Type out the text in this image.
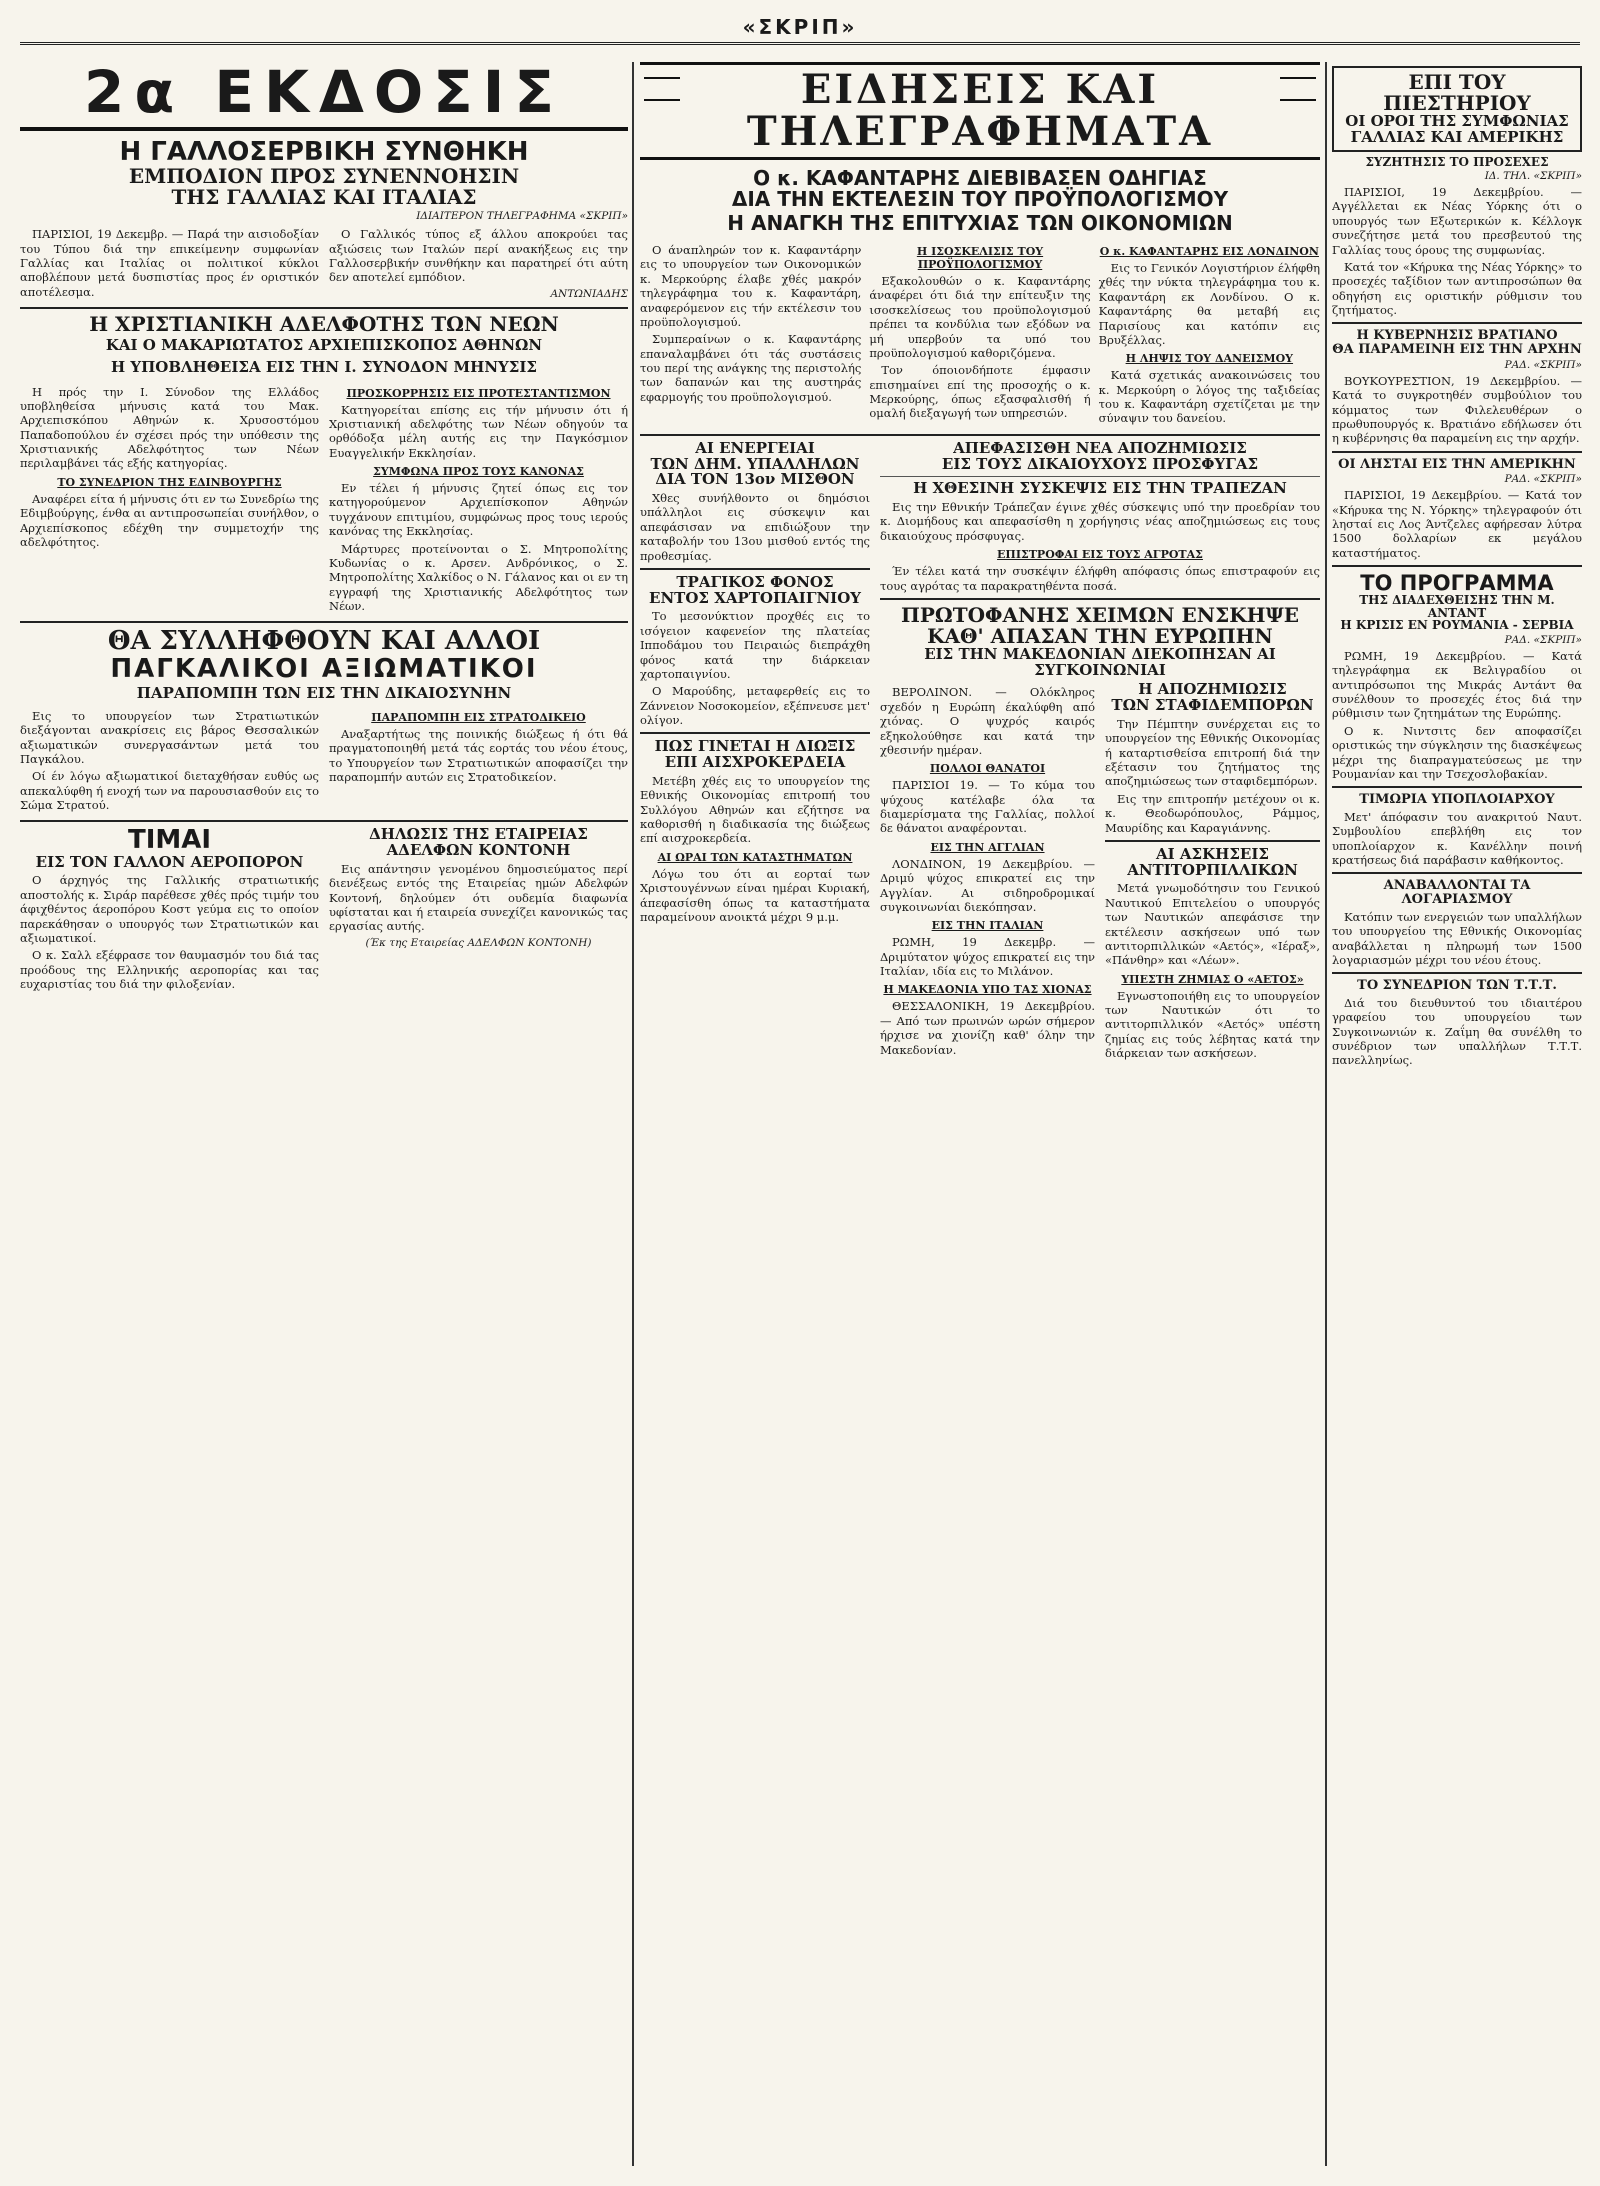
«ΣΚΡΙΠ»
2α ΕΚΔΟΣΙΣ
Η ΓΑΛΛΟΣΕΡΒΙΚΗ ΣΥΝΘΗΚΗ
ΕΜΠΟΔΙΟΝ ΠΡΟΣ ΣΥΝΕΝΝΟΗΣΙΝ
ΤΗΣ ΓΑΛΛΙΑΣ ΚΑΙ ΙΤΑΛΙΑΣ
ΙΔΙΑΙΤΕΡΟΝ ΤΗΛΕΓΡΑΦΗΜΑ «ΣΚΡΙΠ»

ΠΑΡΙΣΙΟΙ, 19 Δεκεμβρ. — Παρά την αισιοδοξίαν του Τύπου διά την επικείμενην συμφωνίαν Γαλλίας και Ιταλίας οι πολιτικοί κύκλοι αποβλέπουν μετά δυσπιστίας προς έν οριστικόν αποτέλεσμα.

Ο Γαλλικός τύπος εξ άλλου αποκρούει τας αξιώσεις των Ιταλών περί ανακήξεως εις την Γαλλοσερβικήν συνθήκην και παρατηρεί ότι αύτη δεν αποτελεί εμπόδιον.

ΑΝΤΩΝΙΑΔΗΣ
Η ΧΡΙΣΤΙΑΝΙΚΗ ΑΔΕΛΦΟΤΗΣ ΤΩΝ ΝΕΩΝ
ΚΑΙ Ο ΜΑΚΑΡΙΩΤΑΤΟΣ ΑΡΧΙΕΠΙΣΚΟΠΟΣ ΑΘΗΝΩΝ
Η ΥΠΟΒΛΗΘΕΙΣΑ ΕΙΣ ΤΗΝ Ι. ΣΥΝΟΔΟΝ ΜΗΝΥΣΙΣ

Η πρός την Ι. Σύνοδον της Ελλάδος υποβληθείσα μήνυσις κατά του Μακ. Αρχιεπισκόπου Αθηνών κ. Χρυσοστόμου Παπαδοπούλου έν σχέσει πρός την υπόθεσιν της Χριστιανικής Αδελφότητος των Νέων περιλαμβάνει τάς εξής κατηγορίας.

ΤΟ ΣΥΝΕΔΡΙΟΝ ΤΗΣ ΕΔΙΝΒΟΥΡΓΗΣ

Αναφέρει είτα ή μήνυσις ότι εν τω Συνεδρίω της Εδιμβούργης, ένθα αι αντιπροσωπείαι συνήλθον, ο Αρχιεπίσκοπος εδέχθη την συμμετοχήν της αδελφότητος.

ΠΡΟΣΚΟΡΡΗΣΙΣ ΕΙΣ ΠΡΟΤΕΣΤΑΝΤΙΣΜΟΝ

Κατηγορείται επίσης εις τήν μήνυσιν ότι ή Χριστιανική αδελφότης των Νέων οδηγούν τα ορθόδοξα μέλη αυτής εις την Παγκόσμιον Ευαγγελικήν Εκκλησίαν.

ΣΥΜΦΩΝΑ ΠΡΟΣ ΤΟΥΣ ΚΑΝΟΝΑΣ

Εν τέλει ή μήνυσις ζητεί όπως εις τον κατηγορούμενον Αρχιεπίσκοπον Αθηνών τυγχάνουν επιτιμίου, συμφώνως προς τους ιερούς κανόνας της Εκκλησίας.

Μάρτυρες προτείνονται ο Σ. Μητροπολίτης Κυδωνίας ο κ. Αρσεν. Ανδρόνικος, ο Σ. Μητροπολίτης Χαλκίδος ο Ν. Γάλανος και οι εν τη εγγραφή της Χριστιανικής Αδελφότητος των Νέων.

ΘΑ ΣΥΛΛΗΦΘΟΥΝ ΚΑΙ ΑΛΛΟΙ
ΠΑΓΚΑΛΙΚΟΙ ΑΞΙΩΜΑΤΙΚΟΙ
ΠΑΡΑΠΟΜΠΗ ΤΩΝ ΕΙΣ ΤΗΝ ΔΙΚΑΙΟΣΥΝΗΝ

Εις το υπουργείον των Στρατιωτικών διεξάγονται ανακρίσεις εις βάρος Θεσσαλικών αξιωματικών συνεργασάντων μετά του Παγκάλου.

Οί έν λόγω αξιωματικοί διεταχθήσαν ευθύς ως απεκαλύφθη ή ενοχή των να παρουσιασθούν εις το Σώμα Στρατού.

ΠΑΡΑΠΟΜΠΗ ΕΙΣ ΣΤΡΑΤΟΔΙΚΕΙΟ

Αναξαρτήτως της ποινικής διώξεως ή ότι θά πραγματοποιηθή μετά τάς εορτάς του νέου έτους, το Υπουργείον των Στρατιωτικών αποφασίζει την παραπομπήν αυτών εις Στρατοδικείον.

ΤΙΜΑΙ
ΕΙΣ ΤΟΝ ΓΑΛΛΟΝ ΑΕΡΟΠΟΡΟΝ

Ο άρχηγός της Γαλλικής στρατιωτικής αποστολής κ. Σιράρ παρέθεσε χθές πρός τιμήν του άφιχθέντος άεροπόρου Κοστ γεύμα εις το οποίον παρεκάθησαν ο υπουργός των Στρατιωτικών και αξιωματικοί.

Ο κ. Σαλλ εξέφρασε τον θαυμασμόν του διά τας προόδους της Ελληνικής αεροπορίας και τας ευχαριστίας του διά την φιλοξενίαν.

ΔΗΛΩΣΙΣ ΤΗΣ ΕΤΑΙΡΕΙΑΣ
ΑΔΕΛΦΩΝ ΚΟΝΤΟΝΗ

Εις απάντησιν γενομένου δημοσιεύματος περί διενέξεως εντός της Εταιρείας ημών Αδελφών Κοντονή, δηλούμεν ότι ουδεμία διαφωνία υφίσταται και ή εταιρεία συνεχίζει κανονικώς τας εργασίας αυτής.

(Έκ της Εταιρείας ΑΔΕΛΦΩΝ ΚΟΝΤΟΝΗ)
ΕΙΔΗΣΕΙΣ ΚΑΙ ΤΗΛΕΓΡΑΦΗΜΑΤΑ
Ο κ. ΚΑΦΑΝΤΑΡΗΣ ΔΙΕΒΙΒΑΣΕΝ ΟΔΗΓΙΑΣ
ΔΙΑ ΤΗΝ ΕΚΤΕΛΕΣΙΝ ΤΟΥ ΠΡΟΫΠΟΛΟΓΙΣΜΟΥ
Η ΑΝΑΓΚΗ ΤΗΣ ΕΠΙΤΥΧΙΑΣ ΤΩΝ ΟΙΚΟΝΟΜΙΩΝ

Ο άναπληρών τον κ. Καφαντάρην εις το υπουργείον των Οικονομικών κ. Μερκούρης έλαβε χθές μακρόν τηλεγράφημα του κ. Καφαντάρη, αναφερόμενον εις τήν εκτέλεσιν του προϋπολογισμού.

Συμπεραίνων ο κ. Καφαντάρης επαναλαμβάνει ότι τάς συστάσεις του περί της ανάγκης της περιστολής των δαπανών και της αυστηράς εφαρμογής του προϋπολογισμού.

Η ΙΣΟΣΚΕΛΙΣΙΣ ΤΟΥ ΠΡΟΫΠΟΛΟΓΙΣΜΟΥ

Εξακολουθών ο κ. Καφαντάρης άναφέρει ότι διά την επίτευξιν της ισοσκελίσεως του προϋπολογισμού πρέπει τα κονδύλια των εξόδων να μή υπερβούν τα υπό του προϋπολογισμού καθοριζόμενα.

Τον όποιονδήποτε έμφασιν επισημαίνει επί της προσοχής ο κ. Μερκούρης, όπως εξασφαλισθή ή ομαλή διεξαγωγή των υπηρεσιών.

Ο κ. ΚΑΦΑΝΤΑΡΗΣ ΕΙΣ ΛΟΝΔΙΝΟΝ

Εις το Γενικόν Λογιστήριον έλήφθη χθές την νύκτα τηλεγράφημα του κ. Καφαντάρη εκ Λονδίνου. Ο κ. Καφαντάρης θα μεταβή εις Παρισίους και κατόπιν εις Βρυξέλλας.

Η ΛΗΨΙΣ ΤΟΥ ΔΑΝΕΙΣΜΟΥ

Κατά σχετικάς ανακοινώσεις του κ. Μερκούρη ο λόγος της ταξιδείας του κ. Καφαντάρη σχετίζεται με την σύναψιν του δανείου.

ΑΙ ΕΝΕΡΓΕΙΑΙ
ΤΩΝ ΔΗΜ. ΥΠΑΛΛΗΛΩΝ
ΔΙΑ ΤΟΝ 13ον ΜΙΣΘΟΝ

Χθες συνήλθοντο οι δημόσιοι υπάλληλοι εις σύσκεψιν και απεφάσισαν να επιδιώξουν την καταβολήν του 13ου μισθού εντός της προθεσμίας.

ΤΡΑΓΙΚΟΣ ΦΟΝΟΣ
ΕΝΤΟΣ ΧΑΡΤΟΠΑΙΓΝΙΟΥ

Το μεσονύκτιον προχθές εις το ισόγειον καφενείον της πλατείας Ιπποδάμου του Πειραιώς διεπράχθη φόνος κατά την διάρκειαν χαρτοπαιγνίου.

Ο Μαρούδης, μεταφερθείς εις το Ζάννειον Νοσοκομείον, εξέπνευσε μετ' ολίγον.

ΠΩΣ ΓΙΝΕΤΑΙ Η ΔΙΩΞΙΣ
ΕΠΙ ΑΙΣΧΡΟΚΕΡΔΕΙΑ

Μετέβη χθές εις το υπουργείον της Εθνικής Οικονομίας επιτροπή του Συλλόγου Αθηνών και εζήτησε να καθορισθή η διαδικασία της διώξεως επί αισχροκερδεία.

ΑΙ ΩΡΑΙ ΤΩΝ ΚΑΤΑΣΤΗΜΑΤΩΝ

Λόγω του ότι αι εορταί των Χριστουγέννων είναι ημέραι Κυριακή, άπεφασίσθη όπως τα καταστήματα παραμείνουν ανοικτά μέχρι 9 μ.μ.

ΑΠΕΦΑΣΙΣΘΗ ΝΕΑ ΑΠΟΖΗΜΙΩΣΙΣ
ΕΙΣ ΤΟΥΣ ΔΙΚΑΙΟΥΧΟΥΣ ΠΡΟΣΦΥΓΑΣ
Η ΧΘΕΣΙΝΗ ΣΥΣΚΕΨΙΣ ΕΙΣ ΤΗΝ ΤΡΑΠΕΖΑΝ

Εις την Εθνικήν Τράπεζαν έγινε χθές σύσκεψις υπό την προεδρίαν του κ. Διομήδους και απεφασίσθη η χορήγησις νέας αποζημιώσεως εις τους δικαιούχους πρόσφυγας.

ΕΠΙΣΤΡΟΦΑΙ ΕΙΣ ΤΟΥΣ ΑΓΡΟΤΑΣ

Έν τέλει κατά την συσκέψιν έλήφθη απόφασις όπως επιστραφούν εις τους αγρότας τα παρακρατηθέντα ποσά.

ΠΡΩΤΟΦΑΝΗΣ ΧΕΙΜΩΝ ΕΝΣΚΗΨΕ
ΚΑΘ' ΑΠΑΣΑΝ ΤΗΝ ΕΥΡΩΠΗΝ
ΕΙΣ ΤΗΝ ΜΑΚΕΔΟΝΙΑΝ ΔΙΕΚΟΠΗΣΑΝ ΑΙ ΣΥΓΚΟΙΝΩΝΙΑΙ

ΒΕΡΟΛΙΝΟΝ. — Ολόκληρος σχεδόν η Ευρώπη έκαλύφθη από χιόνας. Ο ψυχρός καιρός εξηκολούθησε και κατά την χθεσινήν ημέραν.

ΠΟΛΛΟΙ ΘΑΝΑΤΟΙ

ΠΑΡΙΣΙΟΙ 19. — Το κύμα του ψύχους κατέλαβε όλα τα διαμερίσματα της Γαλλίας, πολλοί δε θάνατοι αναφέρονται.

ΕΙΣ ΤΗΝ ΑΓΓΛΙΑΝ

ΛΟΝΔΙΝΟΝ, 19 Δεκεμβρίου. — Δριμύ ψύχος επικρατεί εις την Αγγλίαν. Αι σιδηροδρομικαί συγκοινωνίαι διεκόπησαν.

ΕΙΣ ΤΗΝ ΙΤΑΛΙΑΝ

ΡΩΜΗ, 19 Δεκεμβρ. — Δριμύτατον ψύχος επικρατεί εις την Ιταλίαν, ιδία εις το Μιλάνον.

Η ΜΑΚΕΔΟΝΙΑ ΥΠΟ ΤΑΣ ΧΙΟΝΑΣ

ΘΕΣΣΑΛΟΝΙΚΗ, 19 Δεκεμβρίου. — Από των πρωινών ωρών σήμερον ήρχισε να χιονίζη καθ' όλην την Μακεδονίαν.

Η ΑΠΟΖΗΜΙΩΣΙΣ
ΤΩΝ ΣΤΑΦΙΔΕΜΠΟΡΩΝ

Την Πέμπτην συνέρχεται εις το υπουργείον της Εθνικής Οικονομίας ή καταρτισθείσα επιτροπή διά την εξέτασιν του ζητήματος της αποζημιώσεως των σταφιδεμπόρων.

Εις την επιτροπήν μετέχουν οι κ. κ. Θεοδωρόπουλος, Ράμμος, Μαυρίδης και Καραγιάννης.

ΑΙ ΑΣΚΗΣΕΙΣ
ΑΝΤΙΤΟΡΠΙΛΛΙΚΩΝ

Μετά γνωμοδότησιν του Γενικού Ναυτικού Επιτελείου ο υπουργός των Ναυτικών απεφάσισε την εκτέλεσιν ασκήσεων υπό των αντιτορπιλλικών «Αετός», «Ιέραξ», «Πάνθηρ» και «Λέων».

ΥΠΕΣΤΗ ΖΗΜΙΑΣ Ο «ΑΕΤΟΣ»

Εγνωστοποιήθη εις το υπουργείον των Ναυτικών ότι το αντιτορπιλλικόν «Αετός» υπέστη ζημίας εις τούς λέβητας κατά την διάρκειαν των ασκήσεων.

ΕΠΙ ΤΟΥ ΠΙΕΣΤΗΡΙΟΥ
ΟΙ ΟΡΟΙ ΤΗΣ ΣΥΜΦΩΝΙΑΣ
ΓΑΛΛΙΑΣ ΚΑΙ ΑΜΕΡΙΚΗΣ
ΣΥΖΗΤΗΣΙΣ ΤΟ ΠΡΟΣΕΧΕΣ
ΙΔ. ΤΗΛ. «ΣΚΡΙΠ»

ΠΑΡΙΣΙΟΙ, 19 Δεκεμβρίου. — Αγγέλλεται εκ Νέας Υόρκης ότι ο υπουργός των Εξωτερικών κ. Κέλλογκ συνεζήτησε μετά του πρεσβευτού της Γαλλίας τους όρους της συμφωνίας.

Κατά τον «Κήρυκα της Νέας Υόρκης» το προσεχές ταξίδιον των αντιπροσώπων θα οδηγήση εις οριστικήν ρύθμισιν του ζητήματος.

Η ΚΥΒΕΡΝΗΣΙΣ ΒΡΑΤΙΑΝΟ
ΘΑ ΠΑΡΑΜΕΙΝΗ ΕΙΣ ΤΗΝ ΑΡΧΗΝ
ΡΑΔ. «ΣΚΡΙΠ»

ΒΟΥΚΟΥΡΕΣΤΙΟΝ, 19 Δεκεμβρίου. — Κατά το συγκροτηθέν συμβούλιον του κόμματος των Φιλελευθέρων ο πρωθυπουργός κ. Βρατιάνο εδήλωσεν ότι η κυβέρνησις θα παραμείνη εις την αρχήν.

ΟΙ ΛΗΣΤΑΙ ΕΙΣ ΤΗΝ ΑΜΕΡΙΚΗΝ
ΡΑΔ. «ΣΚΡΙΠ»

ΠΑΡΙΣΙΟΙ, 19 Δεκεμβρίου. — Κατά τον «Κήρυκα της Ν. Υόρκης» τηλεγραφούν ότι λησταί εις Λος Άντζελες αφήρεσαν λύτρα 1500 δολλαρίων εκ μεγάλου καταστήματος.

ΤΟ ΠΡΟΓΡΑΜΜΑ
ΤΗΣ ΔΙΑΔΕΧΘΕΙΣΗΣ ΤΗΝ Μ. ΑΝΤΑΝΤ
Η ΚΡΙΣΙΣ ΕΝ ΡΟΥΜΑΝΙΑ - ΣΕΡΒΙΑ
ΡΑΔ. «ΣΚΡΙΠ»

ΡΩΜΗ, 19 Δεκεμβρίου. — Κατά τηλεγράφημα εκ Βελιγραδίου οι αντιπρόσωποι της Μικράς Αντάντ θα συνέλθουν το προσεχές έτος διά την ρύθμισιν των ζητημάτων της Ευρώπης.

Ο κ. Νιντσιτς δεν αποφασίζει οριστικώς την σύγκλησιν της διασκέψεως μέχρι της διαπραγματεύσεως με την Ρουμανίαν και την Τσεχοσλοβακίαν.

ΤΙΜΩΡΙΑ ΥΠΟΠΛΟΙΑΡΧΟΥ

Μετ' άπόφασιν του ανακριτού Ναυτ. Συμβουλίου επεβλήθη εις τον υποπλοίαρχον κ. Κανέλλην ποινή κρατήσεως διά παράβασιν καθήκοντος.

ΑΝΑΒΑΛΛΟΝΤΑΙ ΤΑ ΛΟΓΑΡΙΑΣΜΟΥ

Κατόπιν των ενεργειών των υπαλλήλων του υπουργείου της Εθνικής Οικονομίας αναβάλλεται η πληρωμή των 1500 λογαριασμών μέχρι του νέου έτους.

ΤΟ ΣΥΝΕΔΡΙΟΝ ΤΩΝ Τ.Τ.Τ.

Διά του διευθυντού του ιδιαιτέρου γραφείου του υπουργείου των Συγκοινωνιών κ. Ζαΐμη θα συνέλθη το συνέδριον των υπαλλήλων Τ.Τ.Τ. πανελληνίως.
